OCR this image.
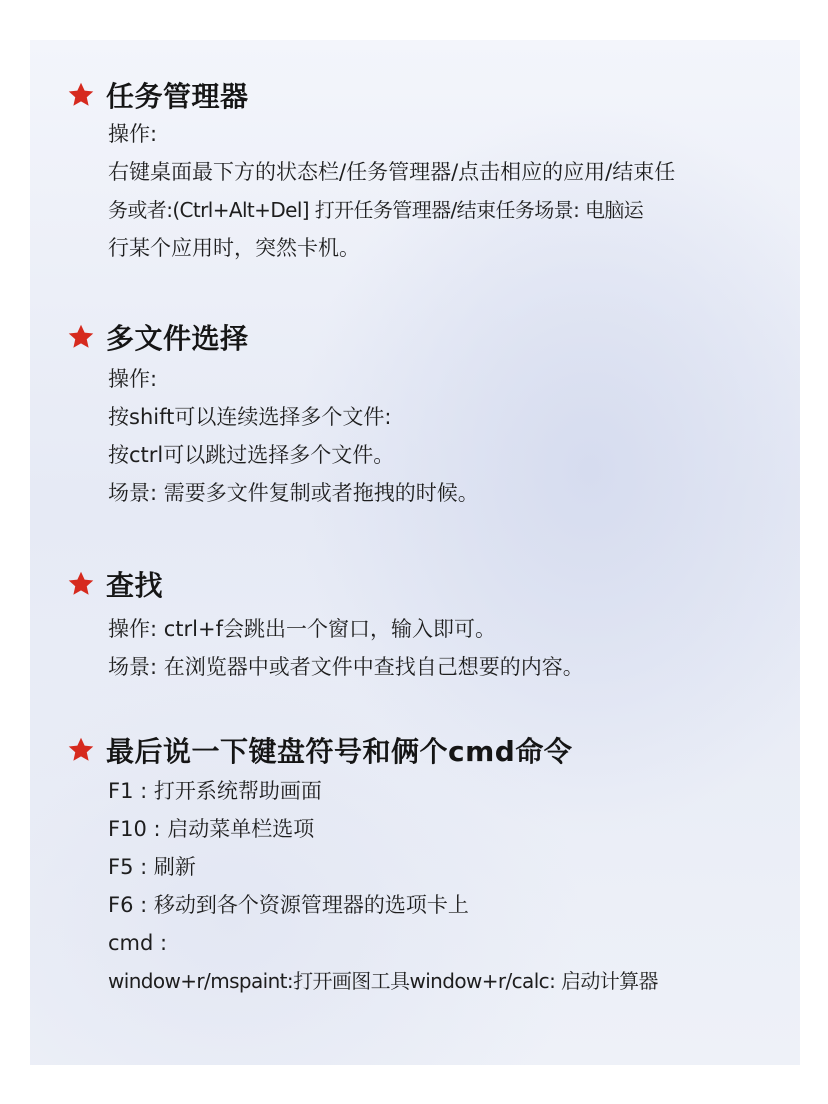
任务管理器
操作:
右键桌面最下方的状态栏/任务管理器/点击相应的应用/结束任
务或者:(Ctrl+Alt+Del] 打开任务管理器/结束任务场景: 电脑运
行某个应用时，突然卡机。
多文件选择
操作:
按shift可以连续选择多个文件:
按ctrl可以跳过选择多个文件。
场景: 需要多文件复制或者拖拽的时候。
查找
操作: ctrl+f会跳出一个窗口，输入即可。
场景: 在浏览器中或者文件中查找自己想要的内容。
最后说一下键盘符号和俩个cmd命令
F1 : 打开系统帮助画面
F10 : 启动菜单栏选项
F5 : 刷新
F6 : 移动到各个资源管理器的选项卡上
cmd :
window+r/mspaint:打开画图工具window+r/calc: 启动计算器
